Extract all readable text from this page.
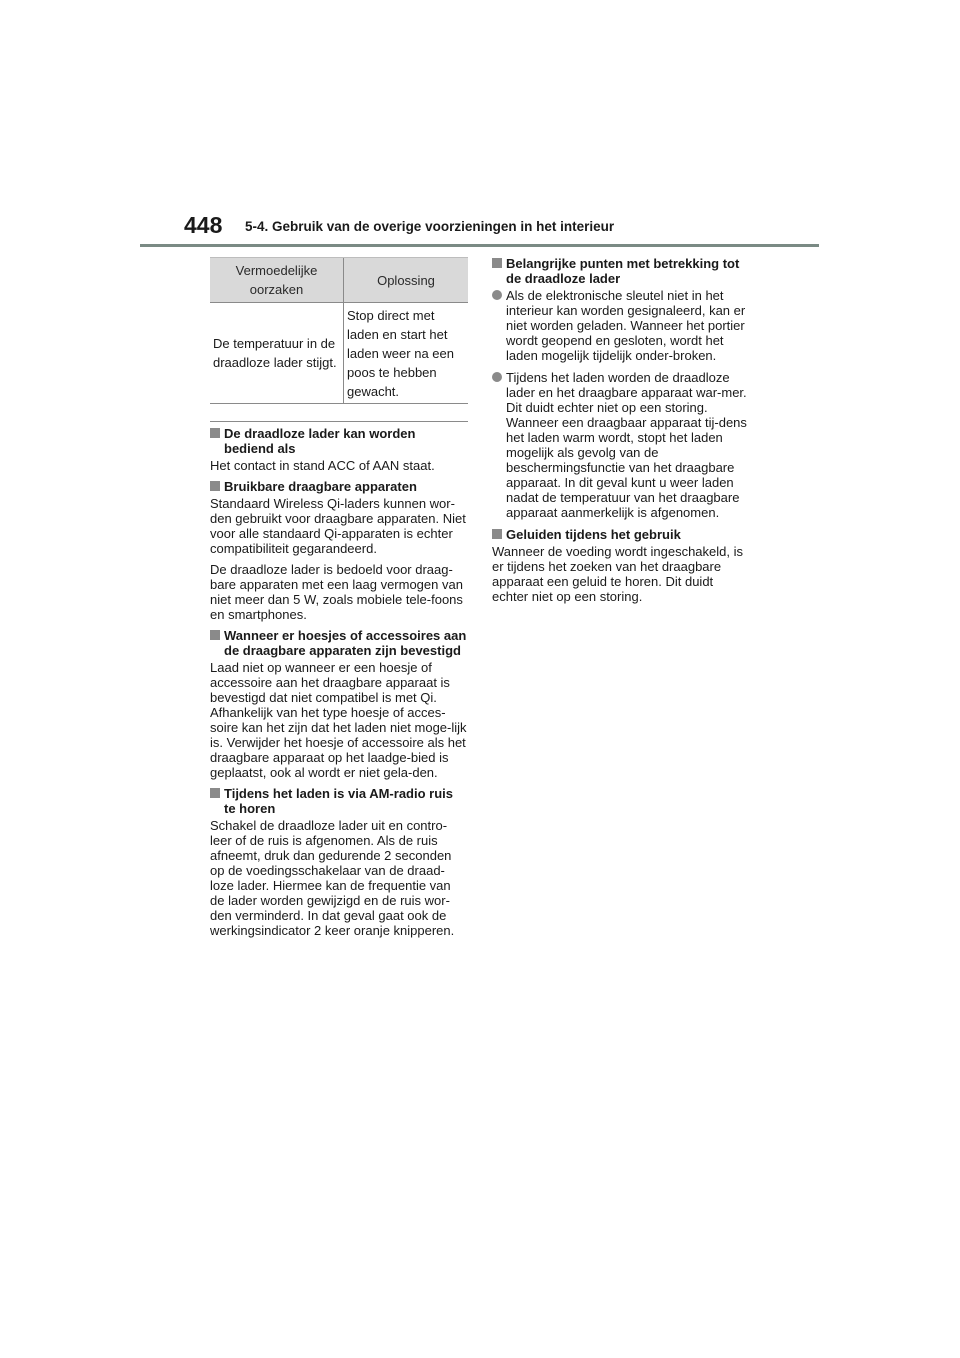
448 5-4. Gebruik van de overige voorzieningen in het interieur
Vermoedelijke oorzaken	Oplossing
De temperatuur in de draadloze lader stijgt.	Stop direct met laden en start het laden weer na een poos te hebben gewacht.
De draadloze lader kan worden bediend als

Het contact in stand ACC of AAN staat.

Bruikbare draagbare apparaten

Standaard Wireless Qi-laders kunnen wor-den gebruikt voor draagbare apparaten. Niet voor alle standaard Qi-apparaten is echter compatibiliteit gegarandeerd.

De draadloze lader is bedoeld voor draag-bare apparaten met een laag vermogen van niet meer dan 5 W, zoals mobiele tele-foons en smartphones.

Wanneer er hoesjes of accessoires aan de draagbare apparaten zijn bevestigd

Laad niet op wanneer er een hoesje of accessoire aan het draagbare apparaat is bevestigd dat niet compatibel is met Qi. Afhankelijk van het type hoesje of acces-soire kan het zijn dat het laden niet moge-lijk is. Verwijder het hoesje of accessoire als het draagbare apparaat op het laadge-bied is geplaatst, ook al wordt er niet gela-den.

Tijdens het laden is via AM-radio ruis te horen

Schakel de draadloze lader uit en contro-leer of de ruis is afgenomen. Als de ruis afneemt, druk dan gedurende 2 seconden op de voedingsschakelaar van de draad-loze lader. Hiermee kan de frequentie van de lader worden gewijzigd en de ruis wor-den verminderd. In dat geval gaat ook de werkingsindicator 2 keer oranje knipperen.

Belangrijke punten met betrekking tot de draadloze lader
Als de elektronische sleutel niet in het interieur kan worden gesignaleerd, kan er niet worden geladen. Wanneer het portier wordt geopend en gesloten, wordt het laden mogelijk tijdelijk onder-broken.
Tijdens het laden worden de draadloze lader en het draagbare apparaat war-mer. Dit duidt echter niet op een storing. Wanneer een draagbaar apparaat tij-dens het laden warm wordt, stopt het laden mogelijk als gevolg van de beschermingsfunctie van het draagbare apparaat. In dit geval kunt u weer laden nadat de temperatuur van het draagbare apparaat aanmerkelijk is afgenomen.
Geluiden tijdens het gebruik

Wanneer de voeding wordt ingeschakeld, is er tijdens het zoeken van het draagbare apparaat een geluid te horen. Dit duidt echter niet op een storing.
